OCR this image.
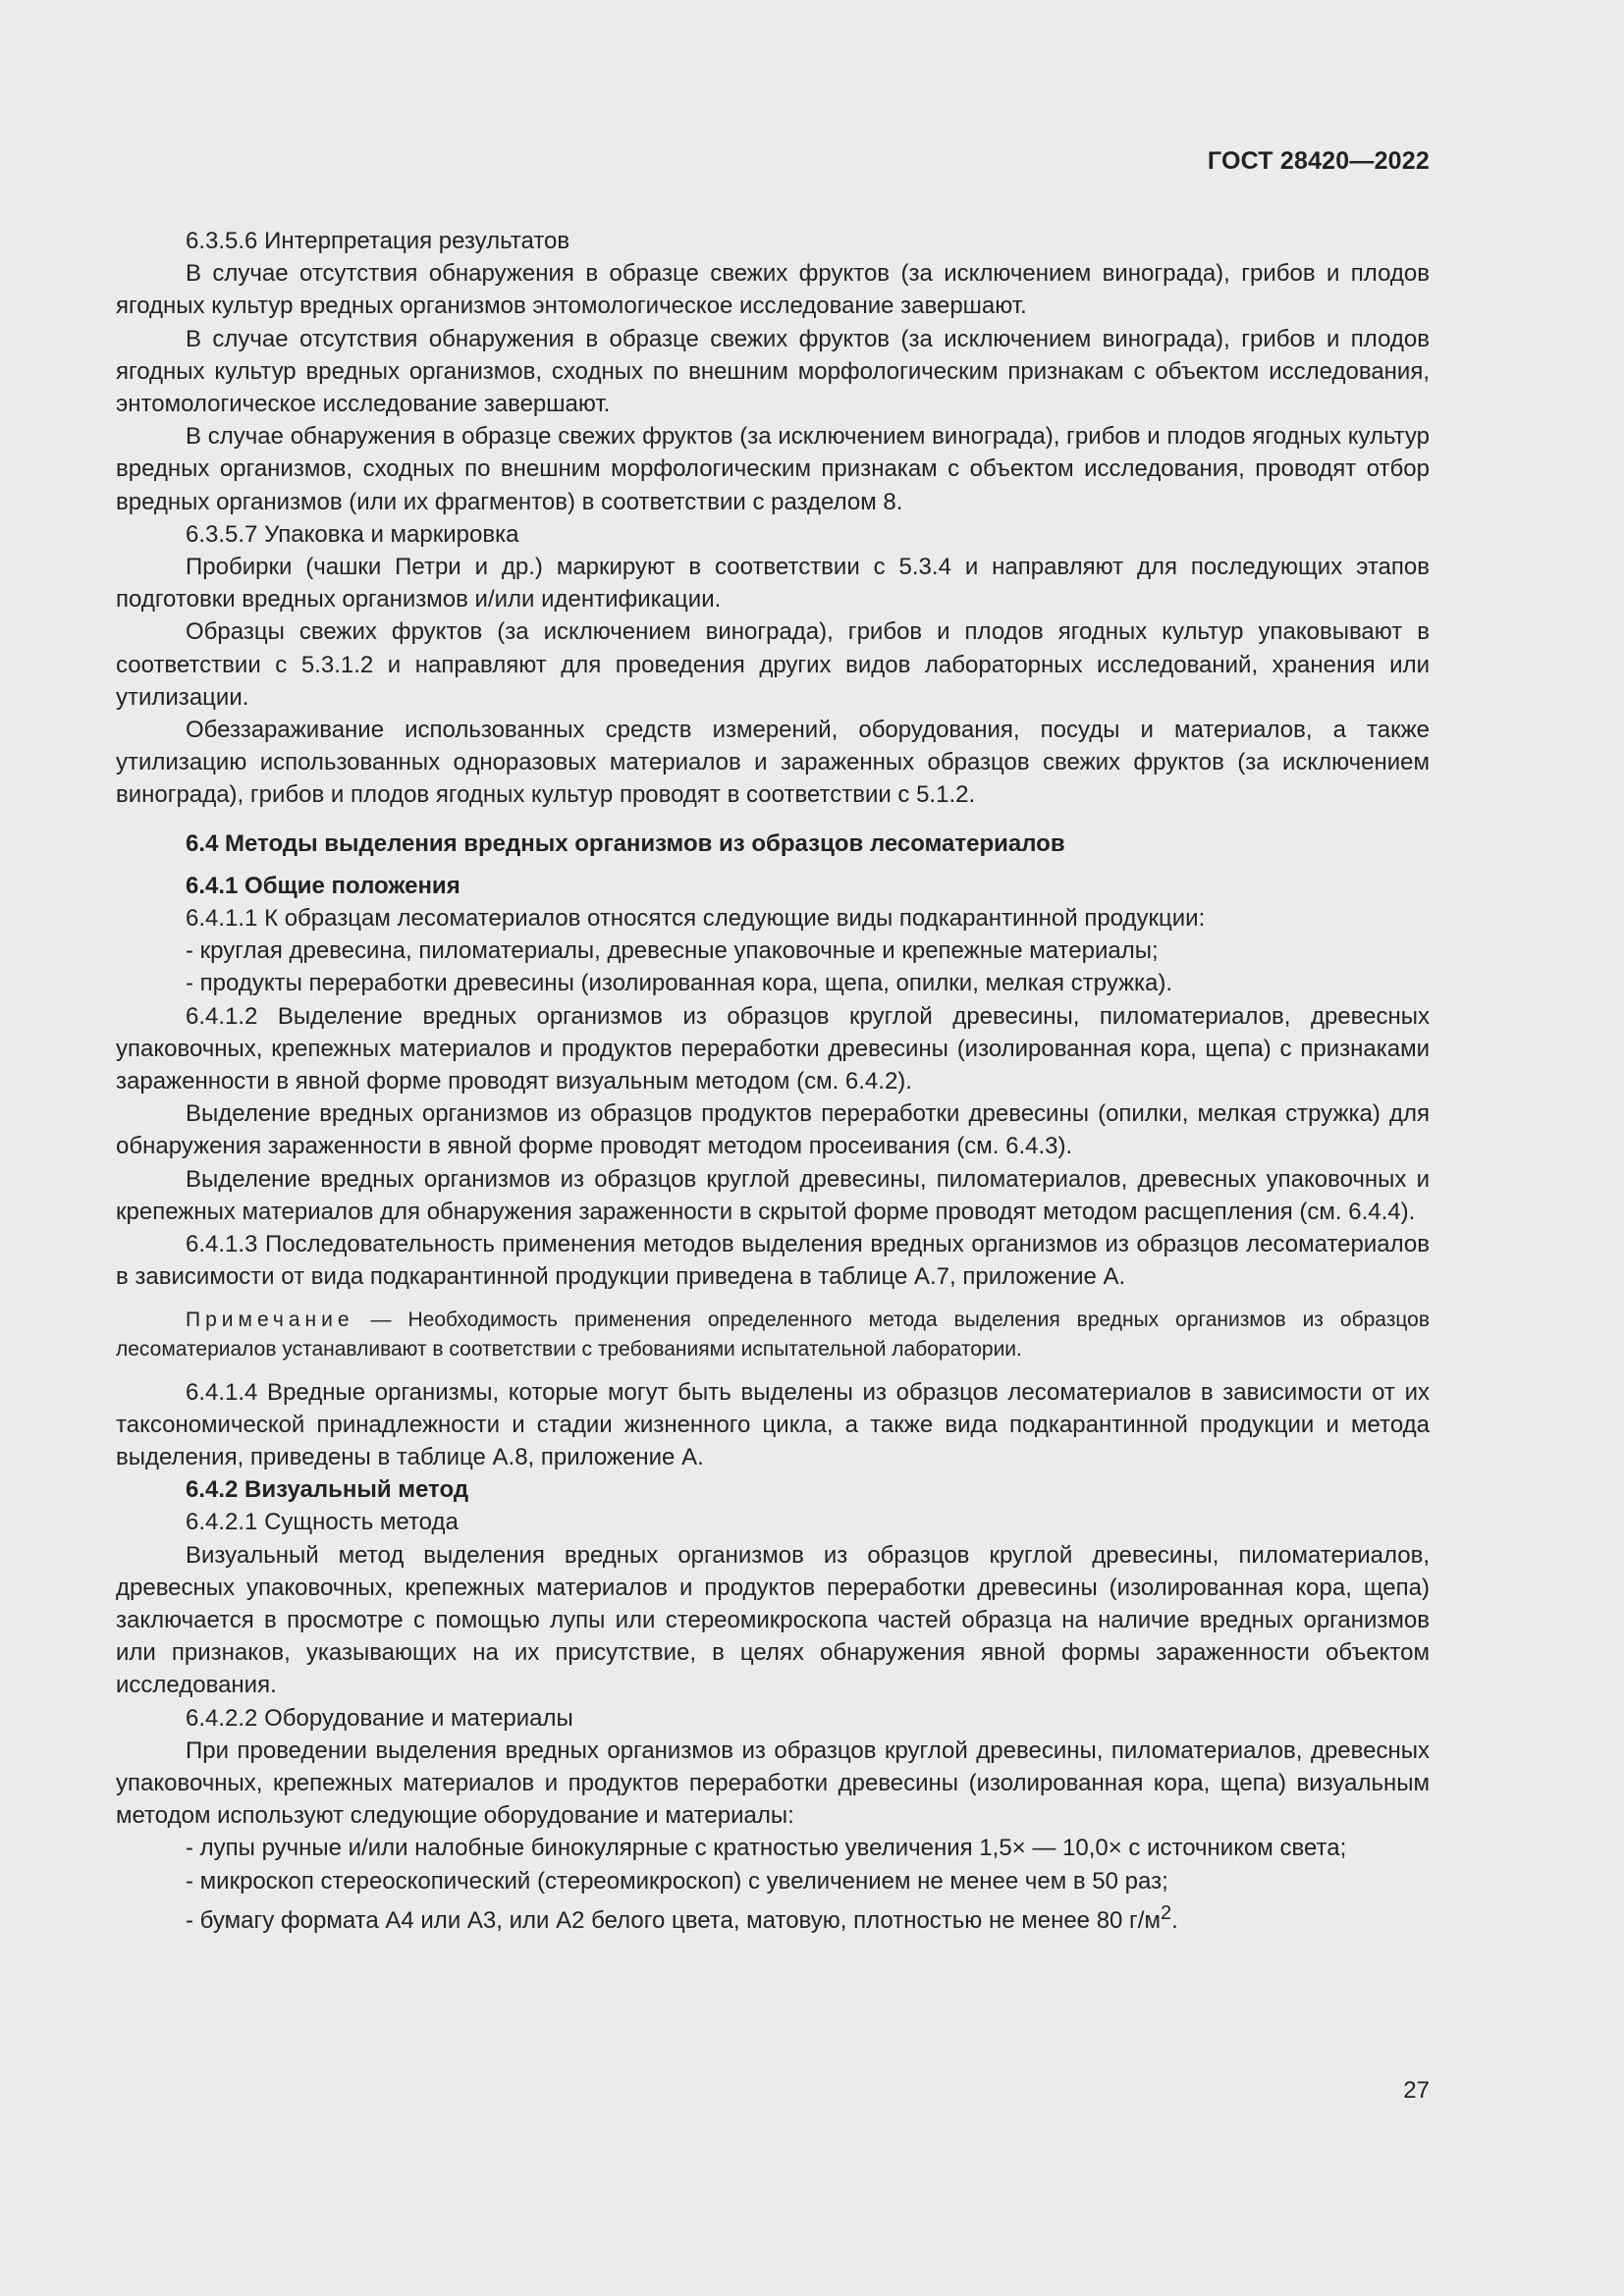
ГОСТ 28420—2022

6.3.5.6 Интерпретация результатов

В случае отсутствия обнаружения в образце свежих фруктов (за исключением винограда), грибов и плодов ягодных культур вредных организмов энтомологическое исследование завершают.

В случае отсутствия обнаружения в образце свежих фруктов (за исключением винограда), грибов и плодов ягодных культур вредных организмов, сходных по внешним морфологическим признакам с объектом исследования, энтомологическое исследование завершают.

В случае обнаружения в образце свежих фруктов (за исключением винограда), грибов и плодов ягодных культур вредных организмов, сходных по внешним морфологическим признакам с объектом исследования, проводят отбор вредных организмов (или их фрагментов) в соответствии с разделом 8.

6.3.5.7 Упаковка и маркировка

Пробирки (чашки Петри и др.) маркируют в соответствии с 5.3.4 и направляют для последующих этапов подготовки вредных организмов и/или идентификации.

Образцы свежих фруктов (за исключением винограда), грибов и плодов ягодных культур упаковывают в соответствии с 5.3.1.2 и направляют для проведения других видов лабораторных исследований, хранения или утилизации.

Обеззараживание использованных средств измерений, оборудования, посуды и материалов, а также утилизацию использованных одноразовых материалов и зараженных образцов свежих фруктов (за исключением винограда), грибов и плодов ягодных культур проводят в соответствии с 5.1.2.

6.4 Методы выделения вредных организмов из образцов лесоматериалов

6.4.1 Общие положения

6.4.1.1 К образцам лесоматериалов относятся следующие виды подкарантинной продукции:

- круглая древесина, пиломатериалы, древесные упаковочные и крепежные материалы;

- продукты переработки древесины (изолированная кора, щепа, опилки, мелкая стружка).

6.4.1.2 Выделение вредных организмов из образцов круглой древесины, пиломатериалов, древесных упаковочных, крепежных материалов и продуктов переработки древесины (изолированная кора, щепа) с признаками зараженности в явной форме проводят визуальным методом (см. 6.4.2).

Выделение вредных организмов из образцов продуктов переработки древесины (опилки, мелкая стружка) для обнаружения зараженности в явной форме проводят методом просеивания (см. 6.4.3).

Выделение вредных организмов из образцов круглой древесины, пиломатериалов, древесных упаковочных и крепежных материалов для обнаружения зараженности в скрытой форме проводят методом расщепления (см. 6.4.4).

6.4.1.3 Последовательность применения методов выделения вредных организмов из образцов лесоматериалов в зависимости от вида подкарантинной продукции приведена в таблице А.7, приложение А.

Примечание — Необходимость применения определенного метода выделения вредных организмов из образцов лесоматериалов устанавливают в соответствии с требованиями испытательной лаборатории.

6.4.1.4 Вредные организмы, которые могут быть выделены из образцов лесоматериалов в зависимости от их таксономической принадлежности и стадии жизненного цикла, а также вида подкарантинной продукции и метода выделения, приведены в таблице А.8, приложение А.

6.4.2 Визуальный метод

6.4.2.1 Сущность метода

Визуальный метод выделения вредных организмов из образцов круглой древесины, пиломатериалов, древесных упаковочных, крепежных материалов и продуктов переработки древесины (изолированная кора, щепа) заключается в просмотре с помощью лупы или стереомикроскопа частей образца на наличие вредных организмов или признаков, указывающих на их присутствие, в целях обнаружения явной формы зараженности объектом исследования.

6.4.2.2 Оборудование и материалы

При проведении выделения вредных организмов из образцов круглой древесины, пиломатериалов, древесных упаковочных, крепежных материалов и продуктов переработки древесины (изолированная кора, щепа) визуальным методом используют следующие оборудование и материалы:

- лупы ручные и/или налобные бинокулярные с кратностью увеличения 1,5× — 10,0× с источником света;

- микроскоп стереоскопический (стереомикроскоп) с увеличением не менее чем в 50 раз;

- бумагу формата А4 или А3, или А2 белого цвета, матовую, плотностью не менее 80 $г/м^2$.

27
